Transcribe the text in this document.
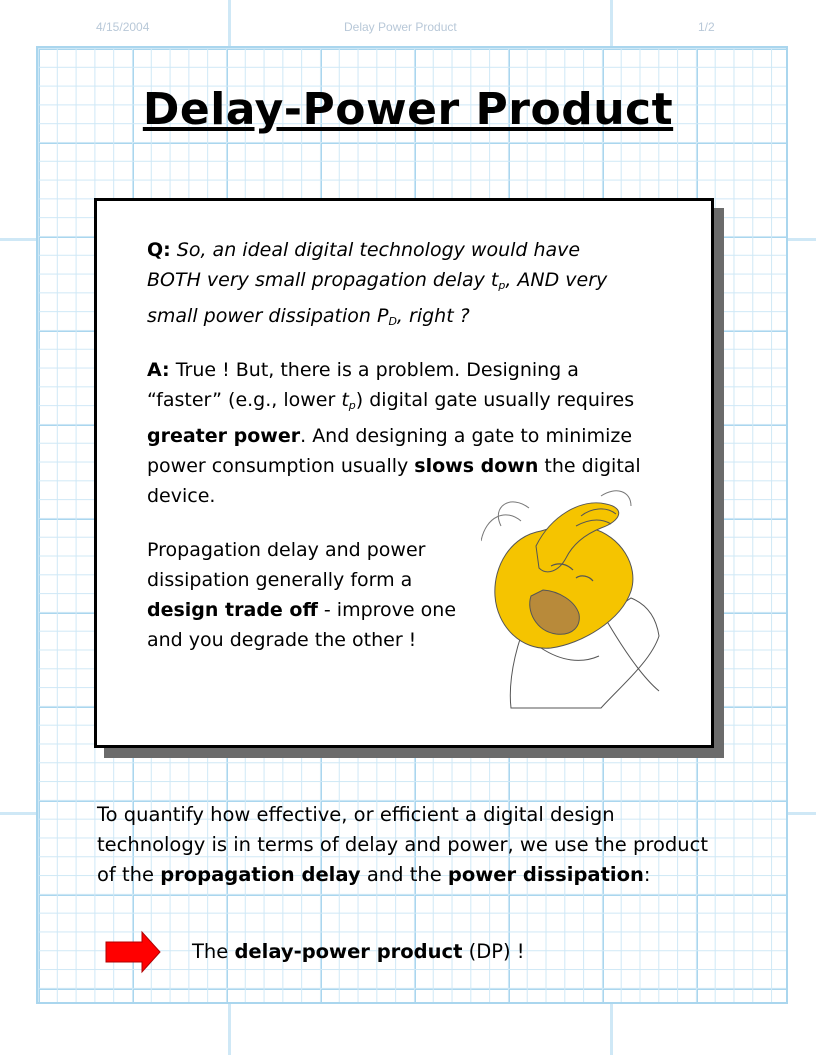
4/15/2004	Delay Power Product	1/2
Delay-Power Product
Q: So, an ideal digital technology would have
BOTH very small propagation delay $t_p$, AND very
small power dissipation $P_D$, right ?
A: True ! But, there is a problem. Designing a
“faster” (e.g., lower $t_p$) digital gate usually requires
greater power. And designing a gate to minimize
power consumption usually slows down the digital
device.
Propagation delay and power
dissipation generally form a
design trade off - improve one
and you degrade the other !
To quantify how effective, or efficient a digital design
technology is in terms of delay and power, we use the product
of the propagation delay and the power dissipation:
The delay-power product (DP) !
